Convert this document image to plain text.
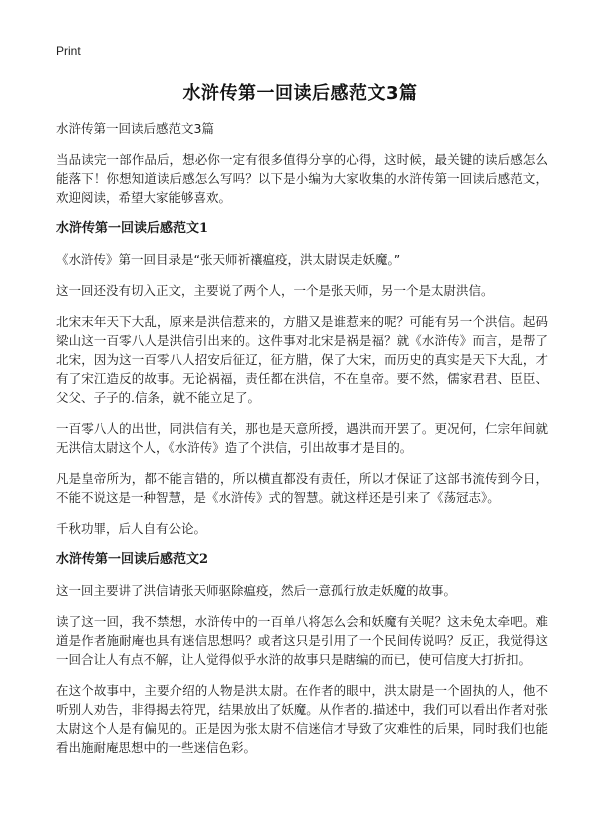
Print
水浒传第一回读后感范文3篇

水浒传第一回读后感范文3篇

当品读完一部作品后，想必你一定有很多值得分享的心得，这时候，最关键的读后感怎么能落下！你想知道读后感怎么写吗？以下是小编为大家收集的水浒传第一回读后感范文，欢迎阅读，希望大家能够喜欢。

水浒传第一回读后感范文1

《水浒传》第一回目录是“张天师祈禳瘟疫，洪太尉误走妖魔。”

这一回还没有切入正文，主要说了两个人，一个是张天师，另一个是太尉洪信。

北宋末年天下大乱，原来是洪信惹来的，方腊又是谁惹来的呢？可能有另一个洪信。起码梁山这一百零八人是洪信引出来的。这件事对北宋是祸是福？就《水浒传》而言，是帮了北宋，因为这一百零八人招安后征辽，征方腊，保了大宋，而历史的真实是天下大乱，才有了宋江造反的故事。无论祸福，责任都在洪信，不在皇帝。要不然，儒家君君、臣臣、父父、子子的.信条，就不能立足了。

一百零八人的出世，同洪信有关，那也是天意所授，遇洪而开罢了。更况何，仁宗年间就无洪信太尉这个人，《水浒传》造了个洪信，引出故事才是目的。

凡是皇帝所为，都不能言错的，所以横直都没有责任，所以才保证了这部书流传到今日，不能不说这是一种智慧，是《水浒传》式的智慧。就这样还是引来了《荡冠志》。

千秋功罪，后人自有公论。

水浒传第一回读后感范文2

这一回主要讲了洪信请张天师驱除瘟疫，然后一意孤行放走妖魔的故事。

读了这一回，我不禁想，水浒传中的一百单八将怎么会和妖魔有关呢？这未免太牵吧。难道是作者施耐庵也具有迷信思想吗？或者这只是引用了一个民间传说吗？反正，我觉得这一回合让人有点不解，让人觉得似乎水浒的故事只是瞎编的而已，使可信度大打折扣。

在这个故事中，主要介绍的人物是洪太尉。在作者的眼中，洪太尉是一个固执的人，他不听别人劝告，非得揭去符咒，结果放出了妖魔。从作者的.描述中，我们可以看出作者对张太尉这个人是有偏见的。正是因为张太尉不信迷信才导致了灾难性的后果，同时我们也能看出施耐庵思想中的一些迷信色彩。
